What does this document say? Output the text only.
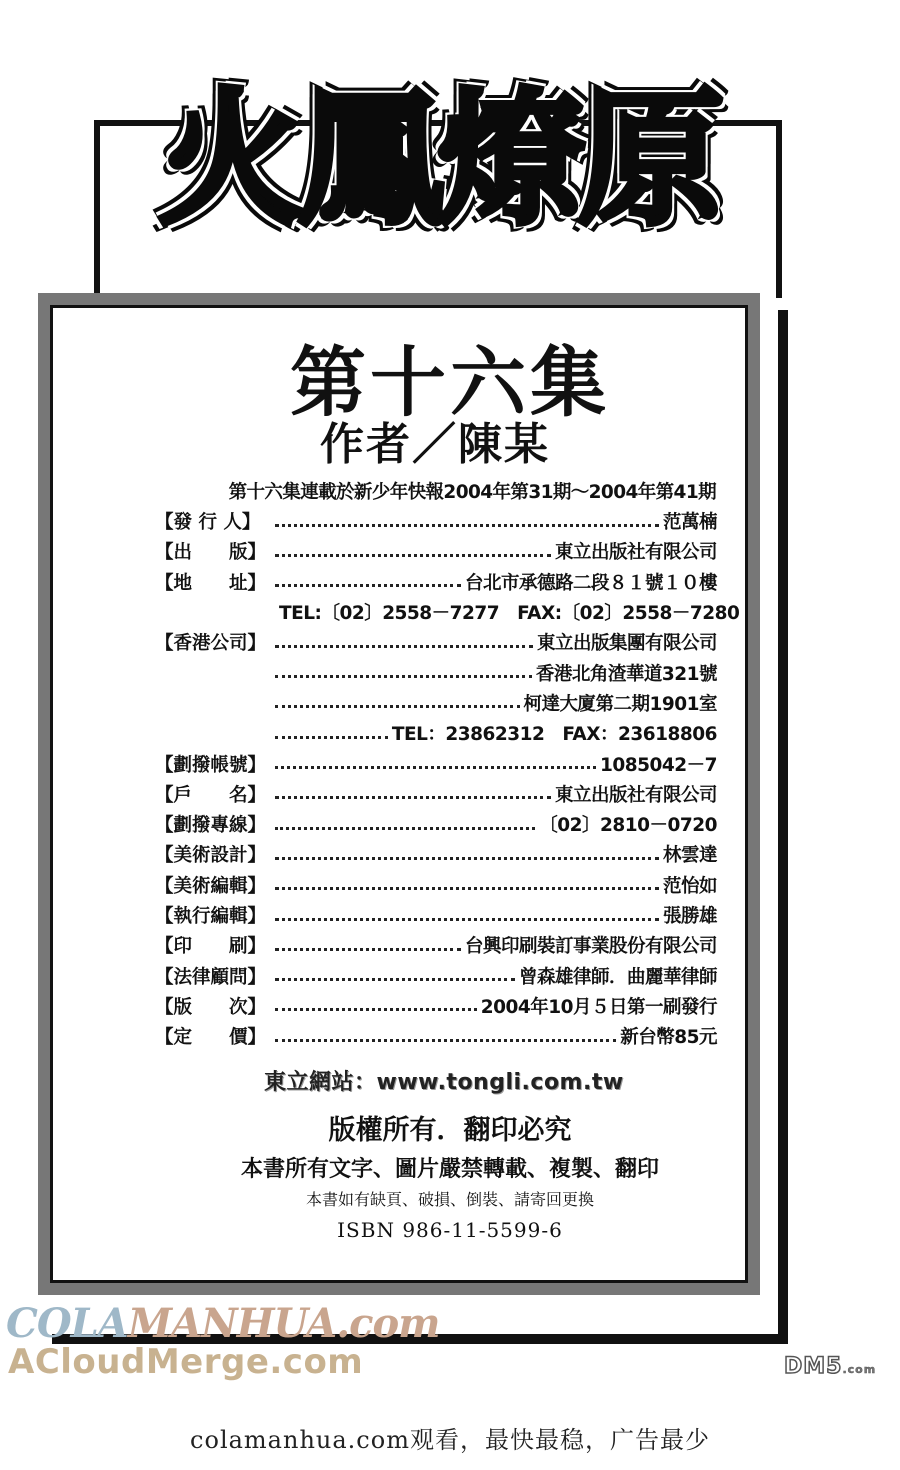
火鳳燎原
第十六集
作者／陳某
第十六集連載於新少年快報2004年第31期～2004年第41期
【發 行 人】	范萬楠
【出　　版】	東立出版社有限公司
【地　　址】	台北市承德路二段８１號１０樓
TEL:〔02〕2558－7277　FAX:〔02〕2558－7280
【香港公司】	東立出版集團有限公司
香港北角渣華道321號
柯達大廈第二期1901室
TEL：23862312　FAX：23618806
【劃撥帳號】	1085042－7
【戶　　名】	東立出版社有限公司
【劃撥專線】	〔02〕2810－0720
【美術設計】	林雲達
【美術編輯】	范怡如
【執行編輯】	張勝雄
【印　　刷】	台興印刷裝訂事業股份有限公司
【法律顧問】	曾森雄律師．曲麗華律師
【版　　次】	2004年10月５日第一刷發行
【定　　價】	新台幣85元
東立網站：www.tongli.com.tw
版權所有．翻印必究
本書所有文字、圖片嚴禁轉載、複製、翻印
本書如有缺頁、破損、倒裝、請寄回更換
ISBN 986-11-5599-6
COLAMANHUA.com
ACloudMerge.com	DM5.com
colamanhua.com观看，最快最稳，广告最少
